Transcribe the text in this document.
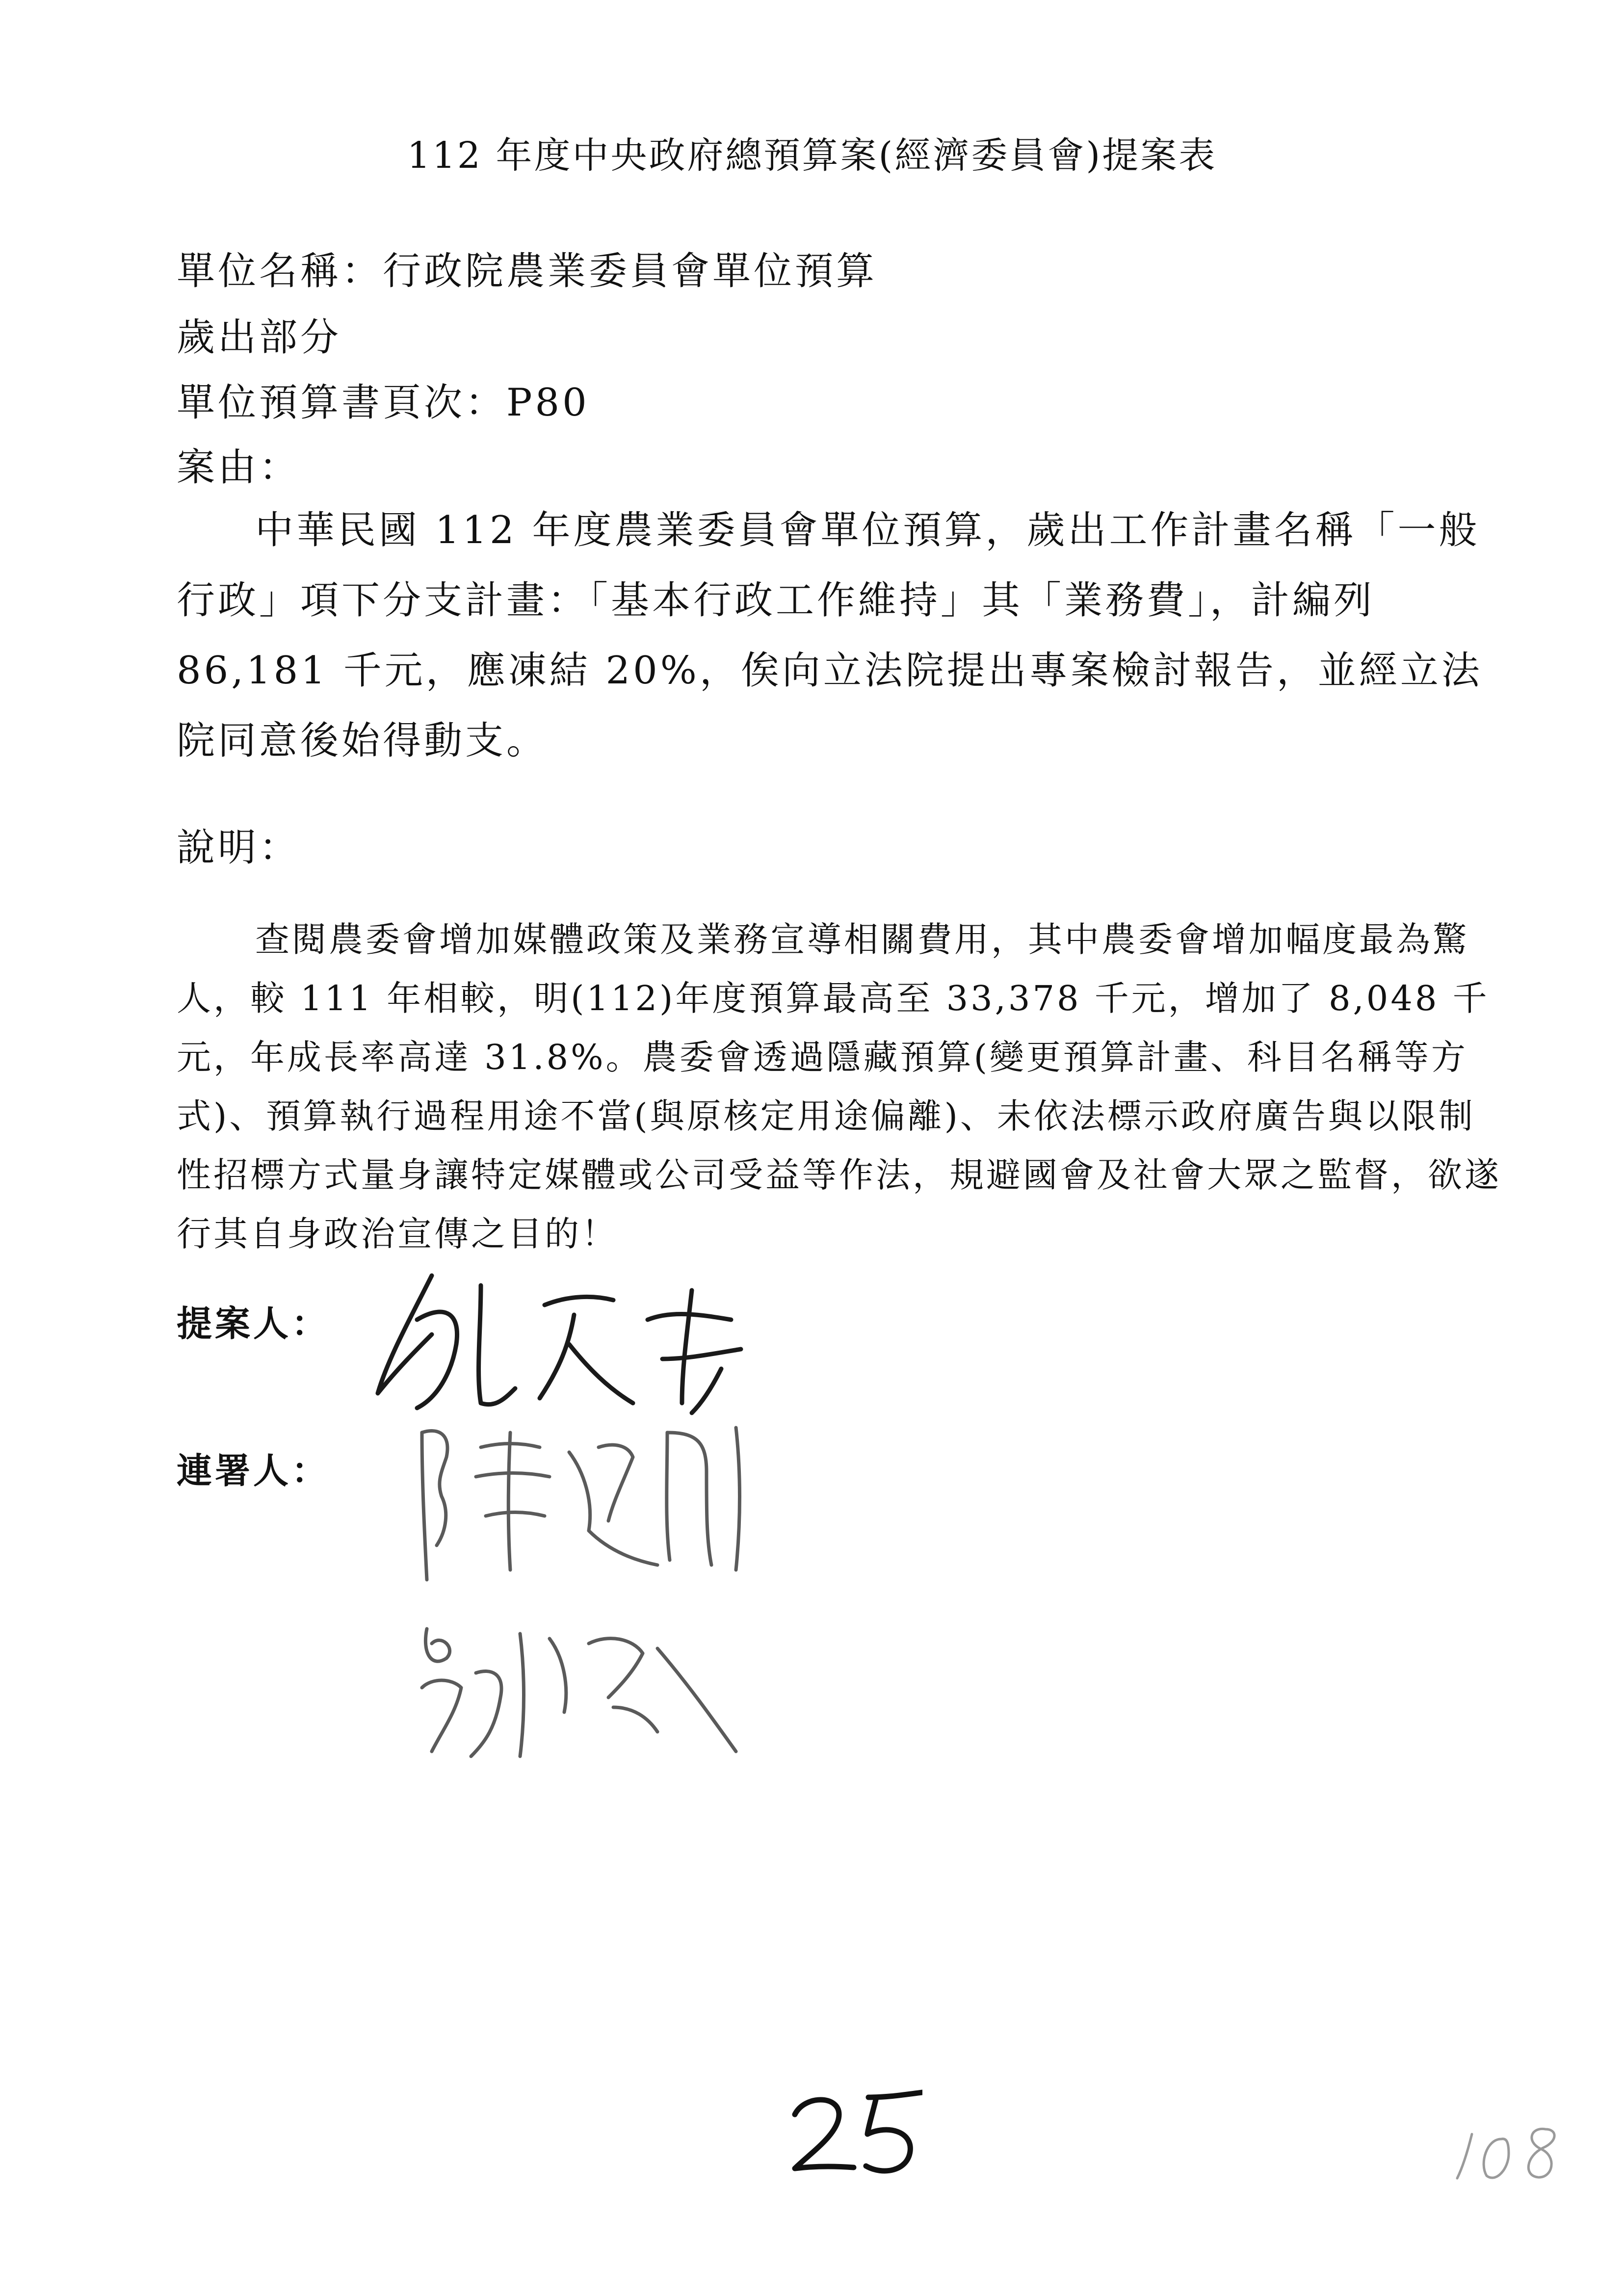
112 年度中央政府總預算案(經濟委員會)提案表
單位名稱：行政院農業委員會單位預算
歲出部分
單位預算書頁次：P80
案由：
中華民國 112 年度農業委員會單位預算，歲出工作計畫名稱「一般行政」項下分支計畫：「基本行政工作維持」其「業務費」，計編列 86,181 千元，應凍結 20%，俟向立法院提出專案檢討報告，並經立法院同意後始得動支。
說明：
查閱農委會增加媒體政策及業務宣導相關費用，其中農委會增加幅度最為驚人，較 111 年相較，明(112)年度預算最高至 33,378 千元，增加了 8,048 千元，年成長率高達 31.8%。農委會透過隱藏預算(變更預算計畫、科目名稱等方式)、預算執行過程用途不當(與原核定用途偏離)、未依法標示政府廣告與以限制性招標方式量身讓特定媒體或公司受益等作法，規避國會及社會大眾之監督，欲遂行其自身政治宣傳之目的！
提案人：
連署人：
